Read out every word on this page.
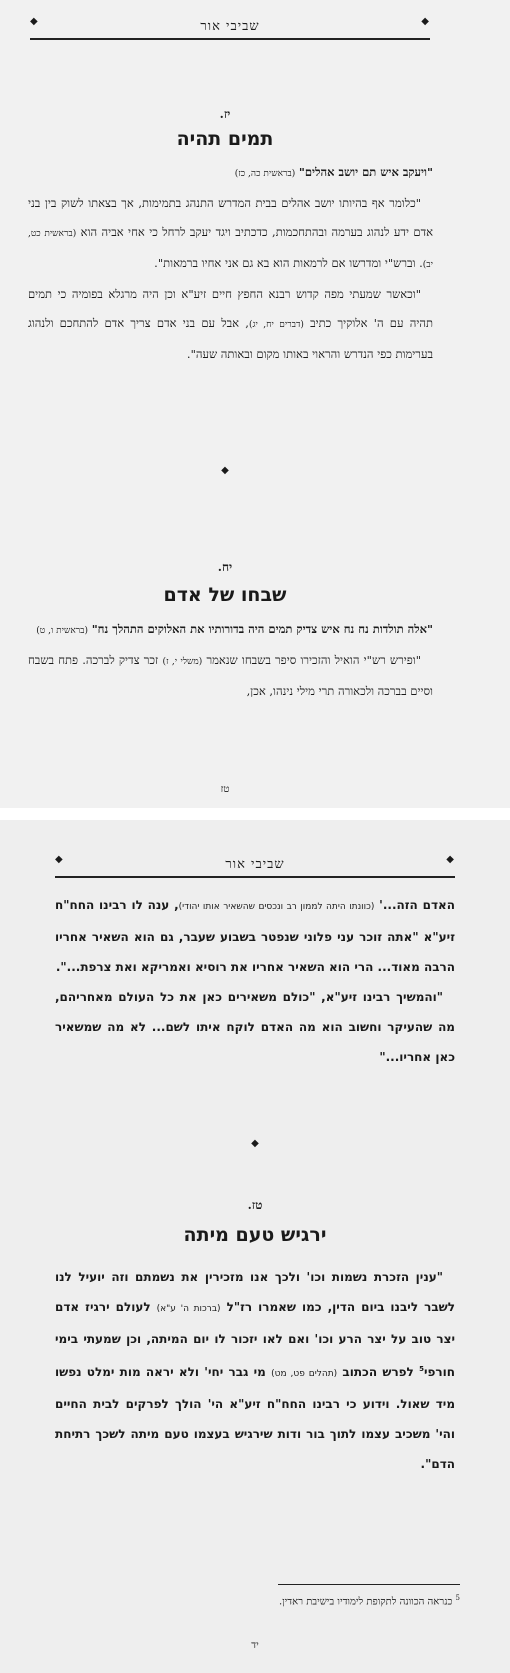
◆	שביבי אור	◆
יז.
תמים תהיה

"ויעקב איש תם יושב אהלים" (בראשית כה, כז)

"כלומר אף בהיותו יושב אהלים בבית המדרש התנהג בתמימות, אך בצאתו לשוק בין בני אדם ידע לנהוג בערמה ובהתחכמות, כדכתיב ויגד יעקב לרחל כי אחי אביה הוא (בראשית כט, יב). וברש"י ומדרשו אם לרמאות הוא בא גם אני אחיו ברמאות".

"וכאשר שמעתי מפה קדוש רבנא החפץ חיים זיע"א וכן היה מרגלא בפומיה כי תמים תהיה עם ה' אלוקיך כתיב (דברים יח, יג), אבל עם בני אדם צריך אדם להתחכם ולנהוג בערימות כפי הנדרש והראוי באותו מקום ובאותה שעה".

◆
יח.
שבחו של אדם

"אלה תולדות נח נח איש צדיק תמים היה בדורותיו את האלוקים התהלך נח" (בראשית ו, ט)

"ופירש רש"י הואיל והזכירו סיפר בשבחו שנאמר (משלי י, ז) זכר צדיק לברכה. פתח בשבח וסיים בברכה ולכאורה תרי מילי נינהו, אכן,

טז
◆	שביבי אור	◆

האדם הזה...' (כוונתו היתה לממון רב ונכסים שהשאיר אותו יהודי), ענה לו רבינו החח"ח זיע"א "אתה זוכר עני פלוני שנפטר בשבוע שעבר, גם הוא השאיר אחריו הרבה מאוד... הרי הוא השאיר אחריו את רוסיא ואמריקא ואת צרפת...".

"והמשיך רבינו זיע"א, "כולם משאירים כאן את כל העולם מאחריהם, מה שהעיקר וחשוב הוא מה האדם לוקח איתו לשם... לא מה שמשאיר כאן אחריו..."

◆
טז.
ירגיש טעם מיתה

"ענין הזכרת נשמות וכו' ולכך אנו מזכירין את נשמתם וזה יועיל לנו לשבר ליבנו ביום הדין, כמו שאמרו רז"ל (ברכות ה' ע"א) לעולם ירגיז אדם יצר טוב על יצר הרע וכו' ואם לאו יזכור לו יום המיתה, וכן שמעתי בימי חורפי$^5$ לפרש הכתוב (תהלים פט, מט) מי גבר יחי' ולא יראה מות ימלט נפשו מיד שאול. וידוע כי רבינו החח"ח זיע"א הי' הולך לפרקים לבית החיים והי' משכיב עצמו לתוך בור ודות שירגיש בעצמו טעם מיתה לשכך רתיחת הדם".

$^5$ כנראה הכוונה לתקופת לימודיו בישיבת ראדין.
יד
